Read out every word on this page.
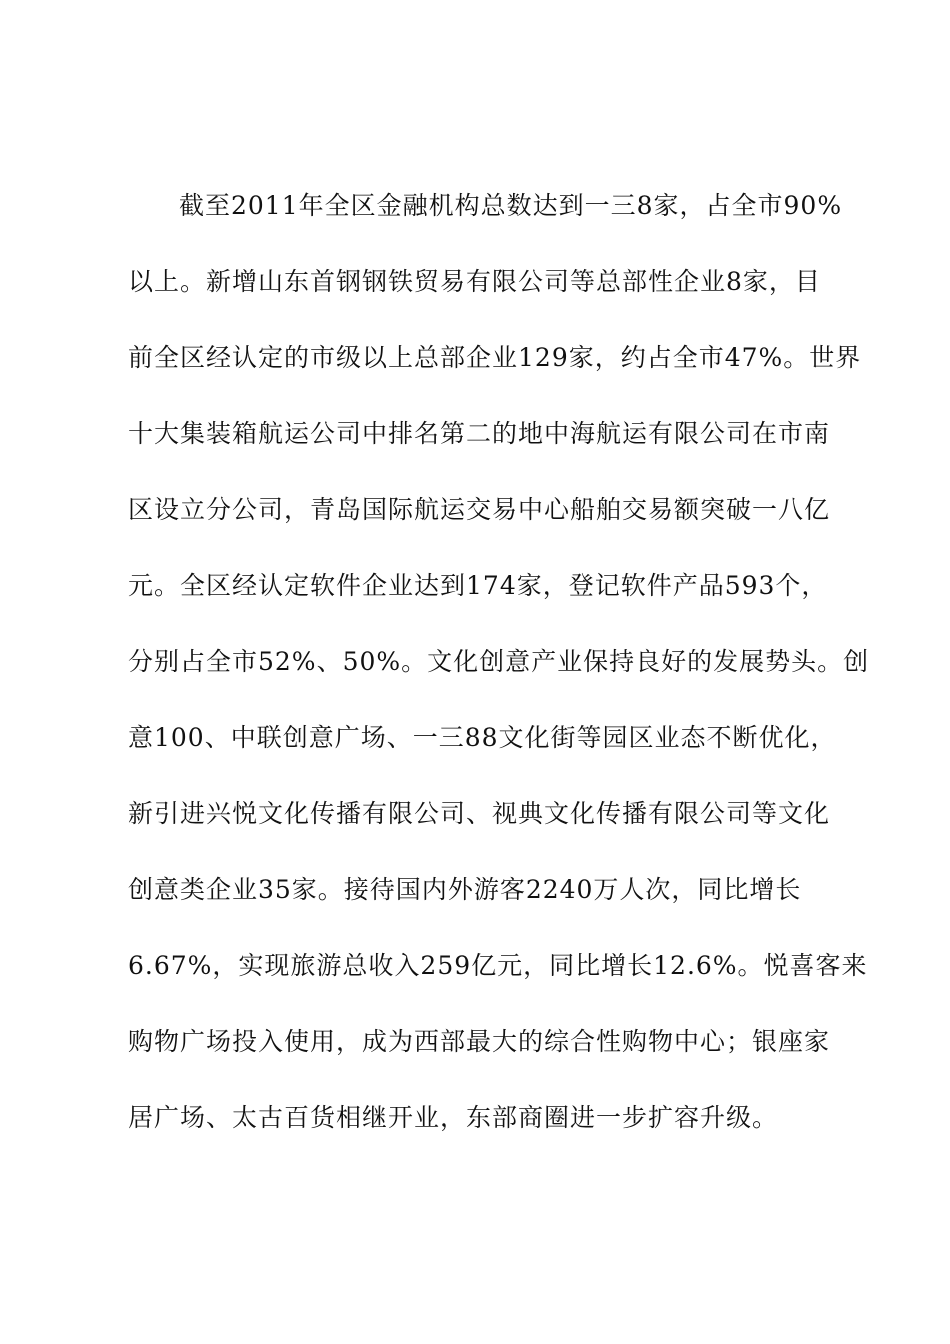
截至2011年全区金融机构总数达到一三8家，占全市90%
以上。新增山东首钢钢铁贸易有限公司等总部性企业8家，目
前全区经认定的市级以上总部企业129家，约占全市47%。世界
十大集装箱航运公司中排名第二的地中海航运有限公司在市南
区设立分公司，青岛国际航运交易中心船舶交易额突破一八亿
元。全区经认定软件企业达到174家，登记软件产品593个，
分别占全市52%、50%。文化创意产业保持良好的发展势头。创
意100、中联创意广场、一三88文化街等园区业态不断优化，
新引进兴悦文化传播有限公司、视典文化传播有限公司等文化
创意类企业35家。接待国内外游客2240万人次，同比增长
6.67%，实现旅游总收入259亿元，同比增长12.6%。悦喜客来
购物广场投入使用，成为西部最大的综合性购物中心；银座家
居广场、太古百货相继开业，东部商圈进一步扩容升级。
